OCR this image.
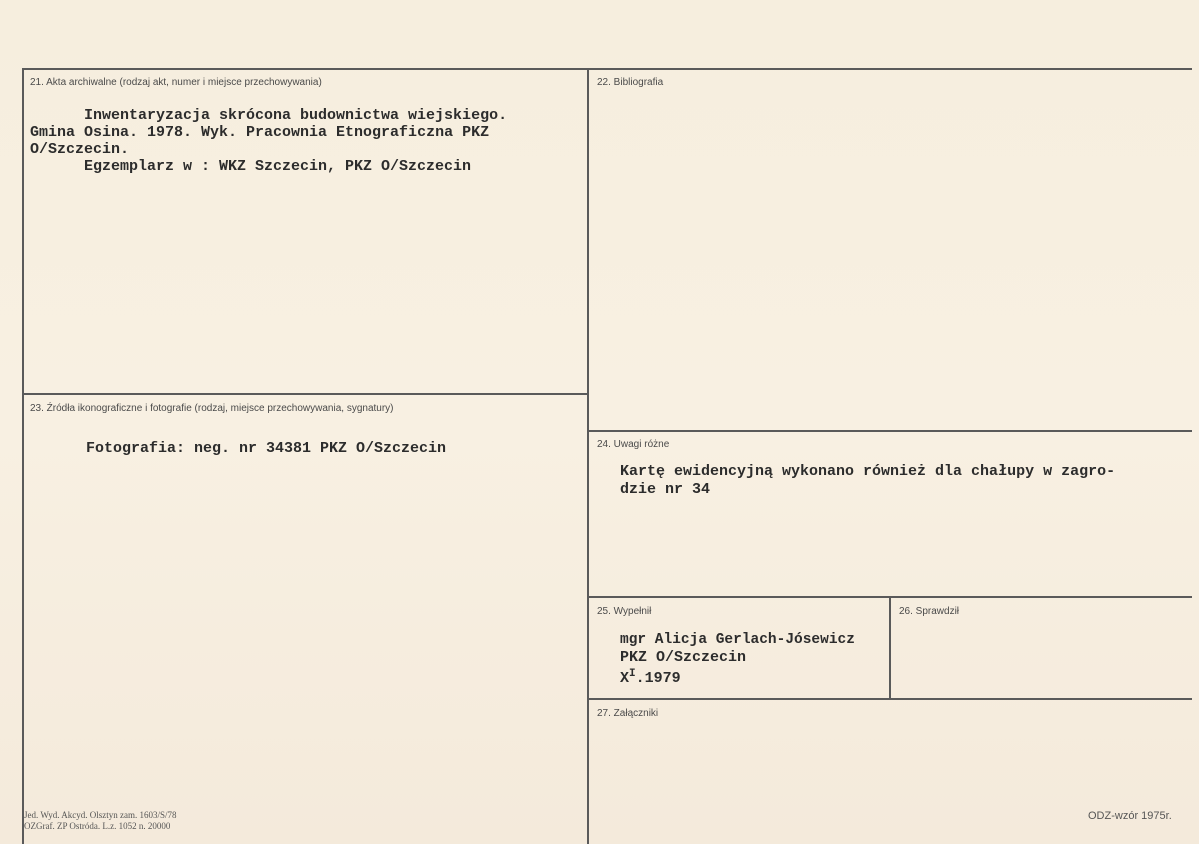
21. Akta archiwalne (rodzaj akt, numer i miejsce przechowywania)
Inwentaryzacja skrócona budownictwa wiejskiego.
Gmina Osina. 1978. Wyk. Pracownia Etnograficzna PKZ
O/Szczecin.
Egzemplarz w : WKZ Szczecin, PKZ O/Szczecin
22. Bibliografia
23. Źródła ikonograficzne i fotografie (rodzaj, miejsce przechowywania, sygnatury)
Fotografia: neg. nr 34381 PKZ O/Szczecin	24. Uwagi różne
Kartę ewidencyjną wykonano również dla chałupy w zagro-
dzie nr 34
25. Wypełnił
mgr Alicja Gerlach-Jósewicz
PKZ O/Szczecin
$X^I.1979$
26. Sprawdził
27. Załączniki
Jed. Wyd. Akcyd. Olsztyn zam. 1603/S/78
OZGraf. ZP Ostróda. L.z. 1052 n. 20000
ODZ-wzór 1975r.
